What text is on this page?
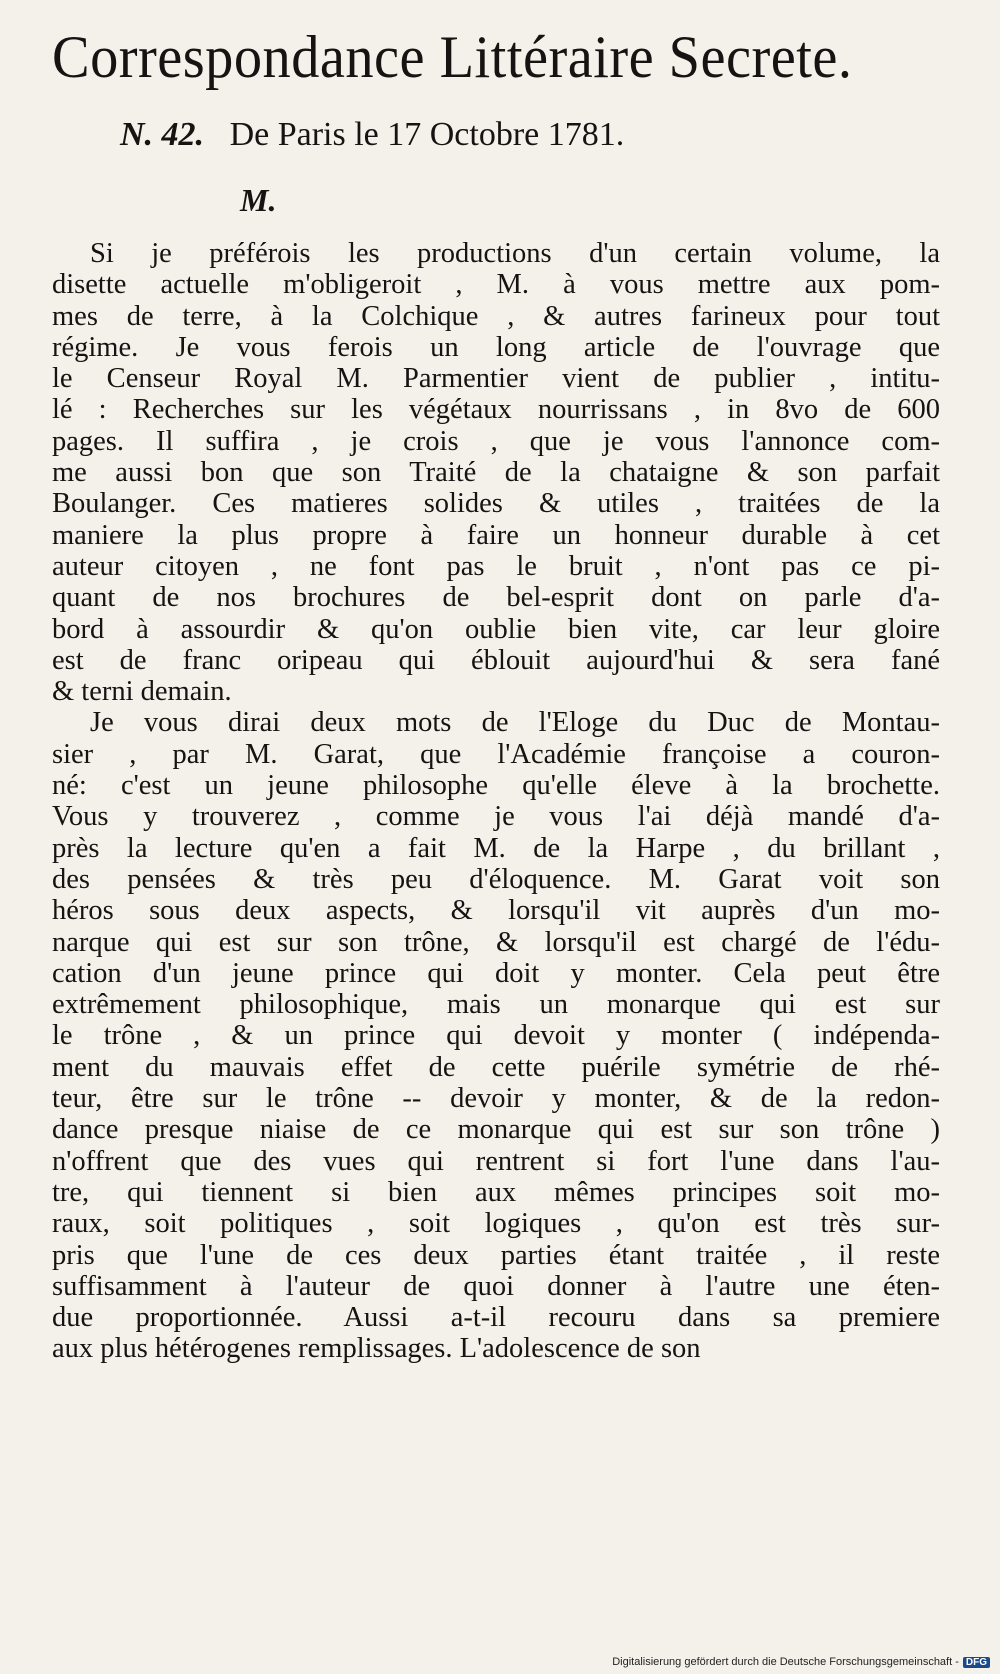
Correspondance Littéraire Secrete.
N. 42. De Paris le 17 Octobre 1781.
M.
Si je préférois les productions d'un certain volume, la
disette actuelle m'obligeroit , M. à vous mettre aux pom-
mes de terre, à la Colchique , & autres farineux pour tout
régime. Je vous ferois un long article de l'ouvrage que
le Censeur Royal M. Parmentier vient de publier , intitu-
lé : Recherches sur les végétaux nourrissans , in 8vo de 600
pages. Il suffira , je crois , que je vous l'annonce com-
me aussi bon que son Traité de la chataigne & son parfait
Boulanger. Ces matieres solides & utiles , traitées de la
maniere la plus propre à faire un honneur durable à cet
auteur citoyen , ne font pas le bruit , n'ont pas ce pi-
quant de nos brochures de bel-esprit dont on parle d'a-
bord à assourdir & qu'on oublie bien vite, car leur gloire
est de franc oripeau qui éblouit aujourd'hui & sera fané
& terni demain.
Je vous dirai deux mots de l'Eloge du Duc de Montau-
sier , par M. Garat, que l'Académie françoise a couron-
né: c'est un jeune philosophe qu'elle éleve à la brochette.
Vous y trouverez , comme je vous l'ai déjà mandé d'a-
près la lecture qu'en a fait M. de la Harpe , du brillant ,
des pensées & très peu d'éloquence. M. Garat voit son
héros sous deux aspects, & lorsqu'il vit auprès d'un mo-
narque qui est sur son trône, & lorsqu'il est chargé de l'édu-
cation d'un jeune prince qui doit y monter. Cela peut être
extrêmement philosophique, mais un monarque qui est sur
le trône , & un prince qui devoit y monter ( indépenda-
ment du mauvais effet de cette puérile symétrie de rhé-
teur, être sur le trône -- devoir y monter, & de la redon-
dance presque niaise de ce monarque qui est sur son trône )
n'offrent que des vues qui rentrent si fort l'une dans l'au-
tre, qui tiennent si bien aux mêmes principes soit mo-
raux, soit politiques , soit logiques , qu'on est très sur-
pris que l'une de ces deux parties étant traitée , il reste
suffisamment à l'auteur de quoi donner à l'autre une éten-
due proportionnée. Aussi a-t-il recouru dans sa premiere
aux plus hétérogenes remplissages. L'adolescence de son
Digitalisierung gefördert durch die Deutsche Forschungsgemeinschaft - DFG
